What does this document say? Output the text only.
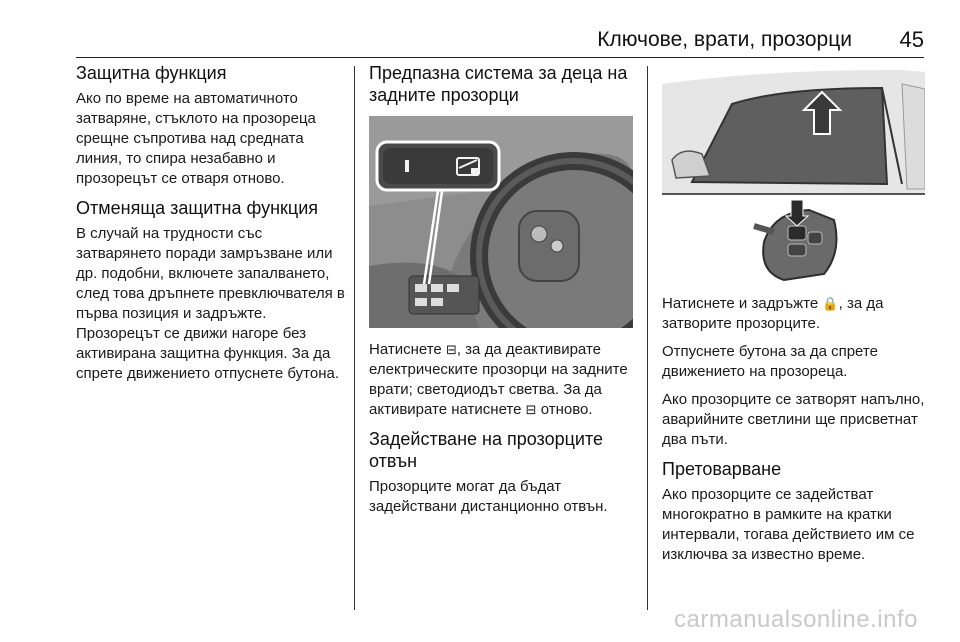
Ключове, врати, прозорци 45
Защитна функция

Ако по време на автоматичното затваряне, стъклото на прозореца срещне съпротива над средната линия, то спира незабавно и прозорецът се отваря отново.

Отменяща защитна функция

В случай на трудности със затварянето поради замръзване или др. подобни, включете запалването, след това дръпнете превключвателя в първа позиция и задръжте. Прозорецът се движи нагоре без активирана защитна функция. За да спрете движението отпуснете бутона.

Предпазна система за деца на задните прозорци

Натиснете ⊟, за да деактивирате електрическите прозорци на задните врати; светодиодът светва. За да активирате натиснете ⊟ отново.

Задействане на прозорците отвън

Прозорците могат да бъдат задействани дистанционно отвън.

Натиснете и задръжте 🔒, за да затворите прозорците.

Отпуснете бутона за да спрете движението на прозореца.

Ако прозорците се затворят напълно, аварийните светлини ще присветнат два пъти.

Претоварване

Ако прозорците се задействат многократно в рамките на кратки интервали, тогава действието им се изключва за известно време.

carmanualsonline.info
